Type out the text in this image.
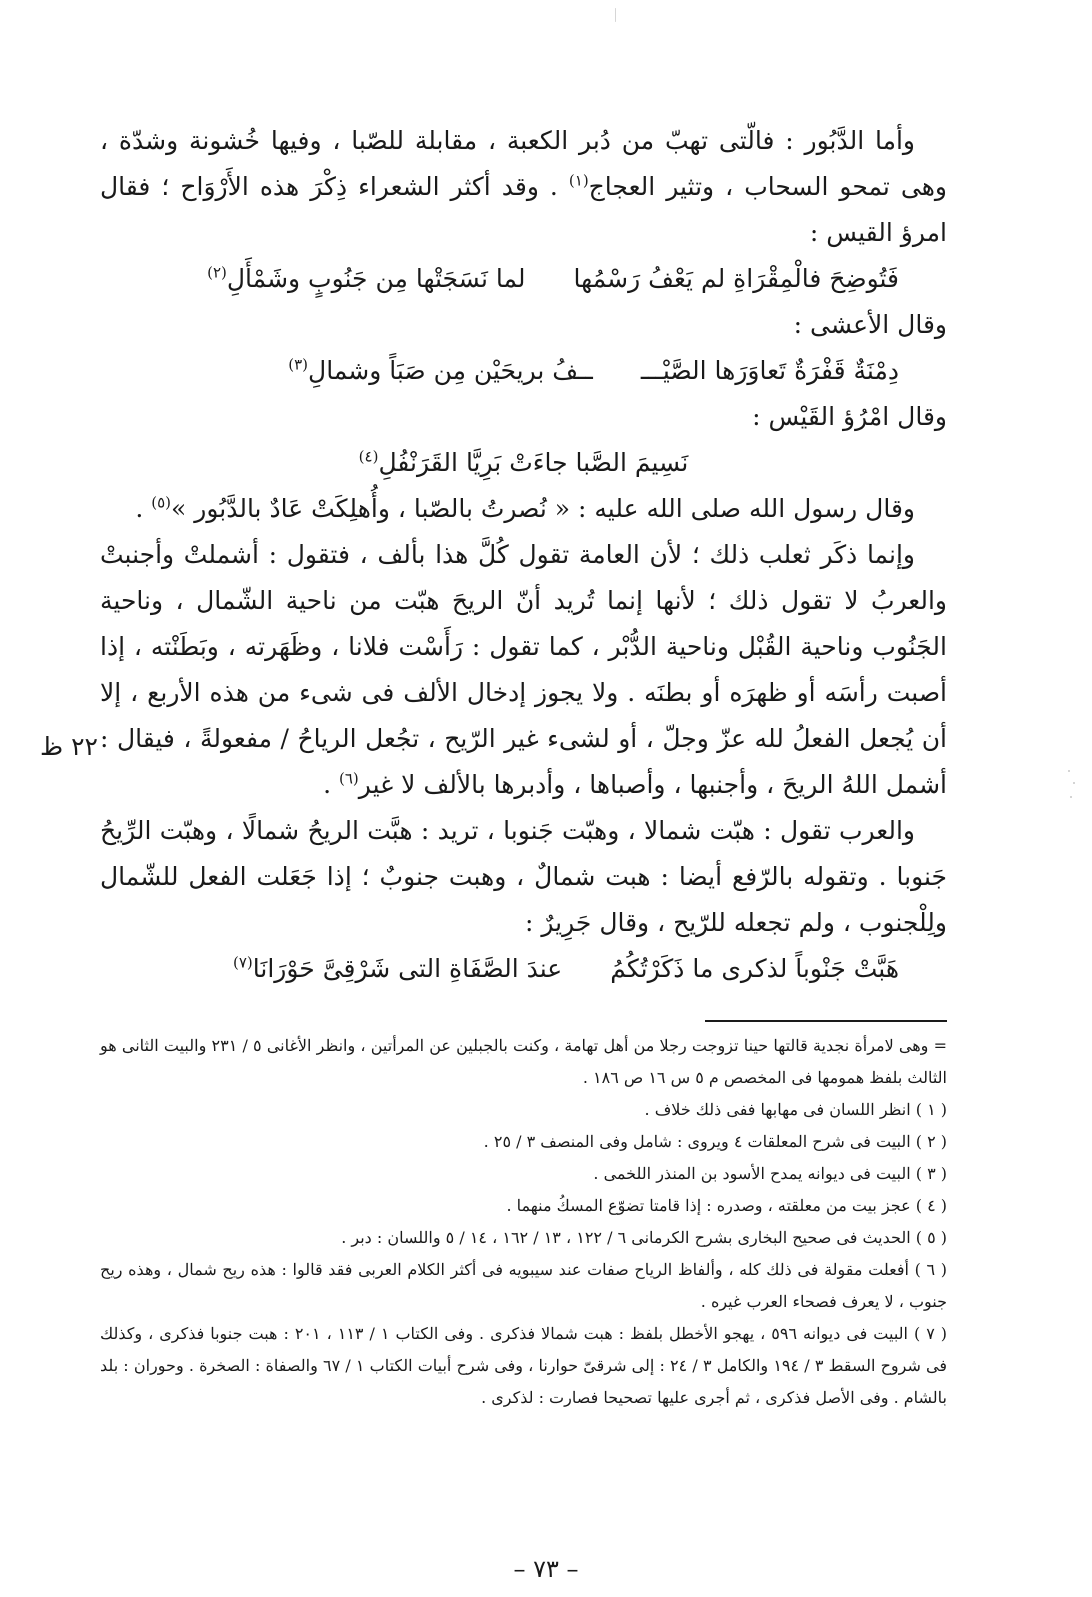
وأما الدَّبُور : فالّتى تهبّ من دُبر الكعبة ، مقابلة للصّبا ، وفيها خُشونة وشدّة ، وهى تمحو السحاب ، وتثير العجاج$^{(١)}$ . وقد أكثر الشعراء ذِكْرَ هذه الأَرْوَاح ؛ فقال امرؤ القيس :

فَتُوضِحَ فالْمِقْرَاةِ لم يَعْفُ رَسْمُها
لما نَسَجَتْها مِن جَنُوبٍ وشَمْأَلِ$^{(٢)}$

وقال الأعشى :

دِمْنَةٌ قَفْرَةٌ تَعاوَرَها الصَّيْـــ
ــفُ بريحَيْن مِن صَبَاً وشمالِ$^{(٣)}$

وقال امْرُؤ القَيْس :

نَسِيمَ الصَّبا جاءَتْ بَرِيَّا القَرَنْفُلِ$^{(٤)}$

وقال رسول الله صلى الله عليه : « نُصرتُ بالصّبا ، وأُهلِكَتْ عَادٌ بالدَّبُور »$^{(٥)}$ .

وإنما ذكَر ثعلب ذلك ؛ لأن العامة تقول كُلَّ هذا بألف ، فتقول : أشملتْ وأجنبتْ والعربُ لا تقول ذلك ؛ لأنها إنما تُريد أنّ الريحَ هبّت من ناحية الشّمال ، وناحية الجَنُوب وناحية القُبْل وناحية الدُّبْر ، كما تقول : رَأَسْت فلانا ، وظَهَرته ، وبَطَنْته ، إذا أصبت رأسَه أو ظهرَه أو بطنَه . ولا يجوز إدخال الألف فى شىء من هذه الأربع ، إلا أن يُجعل الفعلُ لله عزّ وجلّ ، أو لشىء غير الرّيح ، تجُعل الرياحُ / مفعولةً ، فيقال : أشمل اللهُ الريحَ ، وأجنبها ، وأصباها ، وأدبرها بالألف لا غير$^{(٦)}$ .

والعرب تقول : هبّت شمالا ، وهبّت جَنوبا ، تريد : هبَّت الريحُ شمالًا ، وهبّت الرِّيحُ جَنوبا . وتقوله بالرّفع أيضا : هبت شمالٌ ، وهبت جنوبٌ ؛ إذا جَعَلت الفعل للشّمال ولِلْجنوب ، ولم تجعله للرّيح ، وقال جَرِيرٌ :

هَبَّتْ جَنْوباً لذكرى ما ذَكَرْتُكُمُ
عندَ الصَّفَاةِ التى شَرْقِىَّ حَوْرَانَا$^{(٧)}$

٢٢ ظ

= وهى لامرأة نجدية قالتها حينا تزوجت رجلا من أهل تهامة ، وكنت بالجبلين عن المرأتين ، وانظر الأغانى ٥ / ٢٣١ والبيت الثانى هو الثالث بلفظ همومها فى المخصص م ٥ س ١٦ ص ١٨٦ .

( ١ ) انظر اللسان فى مهابها ففى ذلك خلاف .

( ٢ ) البيت فى شرح المعلقات ٤ ويروى : شامل وفى المنصف ٣ / ٢٥ .

( ٣ ) البيت فى ديوانه يمدح الأسود بن المنذر اللخمى .

( ٤ ) عجز بيت من معلقته ، وصدره : إذا قامتا تضوّع المسكُ منهما .

( ٥ ) الحديث فى صحيح البخارى بشرح الكرمانى ٦ / ١٢٢ ، ١٣ / ١٦٢ ، ١٤ / ٥ واللسان : دبر .

( ٦ ) أفعلت مقولة فى ذلك كله ، وألفاظ الرياح صفات عند سيبويه فى أكثر الكلام العربى فقد قالوا : هذه ريح شمال ، وهذه ريح جنوب ، لا يعرف فصحاء العرب غيره .

( ٧ ) البيت فى ديوانه ٥٩٦ ، يهجو الأخطل بلفظ : هبت شمالا فذكرى . وفى الكتاب ١ / ١١٣ ، ٢٠١ : هبت جنوبا فذكرى ، وكذلك فى شروح السقط ٣ / ١٩٤ والكامل ٣ / ٢٤ : إلى شرقىّ حوارنا ، وفى شرح أبيات الكتاب ١ / ٦٧ والصفاة : الصخرة . وحوران : بلد بالشام . وفى الأصل فذكرى ، ثم أجرى عليها تصحيحا فصارت : لذكرى .

– ٧٣ –
